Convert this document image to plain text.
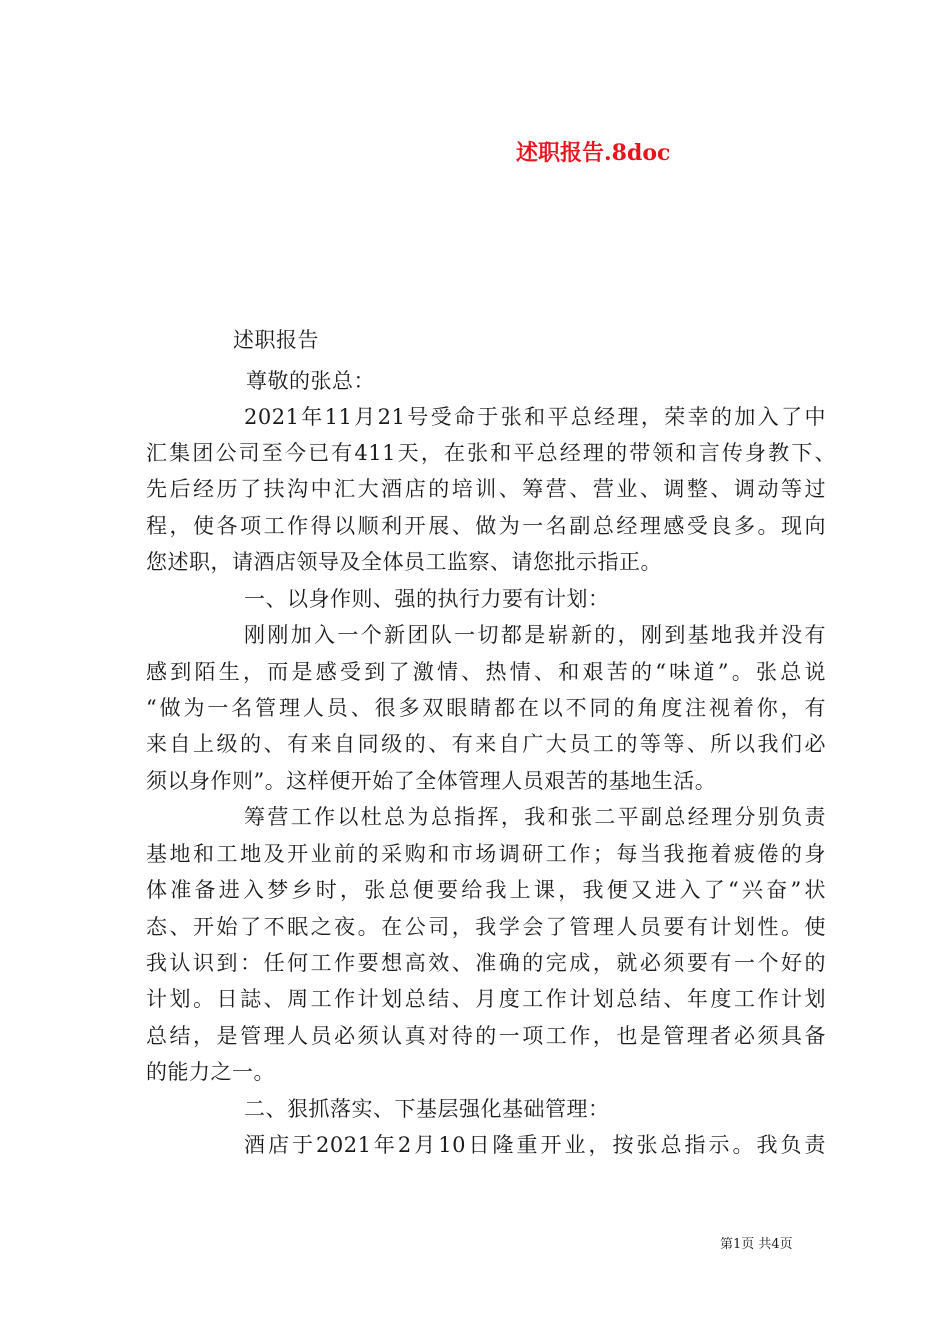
述职报告.8doc
述职报告
尊敬的张总：
2021年11月21号受命于张和平总经理，荣幸的加入了中
汇集团公司至今已有411天，在张和平总经理的带领和言传身教下、
先后经历了扶沟中汇大酒店的培训、筹营、营业、调整、调动等过
程，使各项工作得以顺利开展、做为一名副总经理感受良多。现向
您述职，请酒店领导及全体员工监察、请您批示指正。
一、以身作则、强的执行力要有计划：
刚刚加入一个新团队一切都是崭新的，刚到基地我并没有
感到陌生，而是感受到了激情、热情、和艰苦的“味道”。张总说
“做为一名管理人员、很多双眼睛都在以不同的角度注视着你，有
来自上级的、有来自同级的、有来自广大员工的等等、所以我们必
须以身作则”。这样便开始了全体管理人员艰苦的基地生活。
筹营工作以杜总为总指挥，我和张二平副总经理分别负责
基地和工地及开业前的采购和市场调研工作；每当我拖着疲倦的身
体准备进入梦乡时，张总便要给我上课，我便又进入了“兴奋”状
态、开始了不眠之夜。在公司，我学会了管理人员要有计划性。使
我认识到：任何工作要想高效、准确的完成，就必须要有一个好的
计划。日誌、周工作计划总结、月度工作计划总结、年度工作计划
总结，是管理人员必须认真对待的一项工作，也是管理者必须具备
的能力之一。
二、狠抓落实、下基层强化基础管理：
酒店于2021年2月10日隆重开业，按张总指示。我负责
第1页 共4页
